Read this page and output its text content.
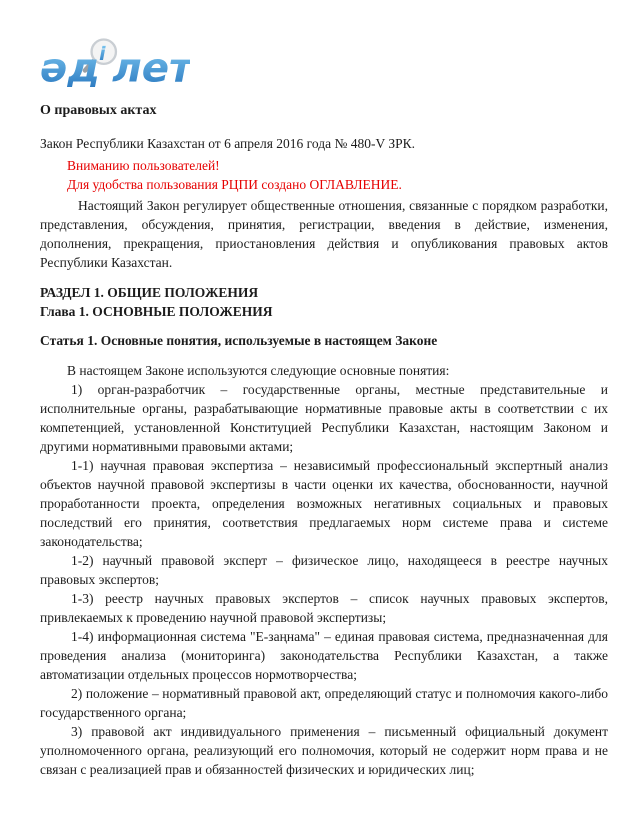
әд і лет
О правовых актах

Закон Республики Казахстан от 6 апреля 2016 года № 480-V ЗРК.

Вниманию пользователей!

Для удобства пользования РЦПИ создано ОГЛАВЛЕНИЕ.

Настоящий Закон регулирует общественные отношения, связанные с порядком разработки, представления, обсуждения, принятия, регистрации, введения в действие, изменения, дополнения, прекращения, приостановления действия и опубликования правовых актов Республики Казахстан.

РАЗДЕЛ 1. ОБЩИЕ ПОЛОЖЕНИЯ

Глава 1. ОСНОВНЫЕ ПОЛОЖЕНИЯ

Статья 1. Основные понятия, используемые в настоящем Законе

В настоящем Законе используются следующие основные понятия:

1) орган-разработчик – государственные органы, местные представительные и исполнительные органы, разрабатывающие нормативные правовые акты в соответствии с их компетенцией, установленной Конституцией Республики Казахстан, настоящим Законом и другими нормативными правовыми актами;

1-1) научная правовая экспертиза – независимый профессиональный экспертный анализ объектов научной правовой экспертизы в части оценки их качества, обоснованности, научной проработанности проекта, определения возможных негативных социальных и правовых последствий его принятия, соответствия предлагаемых норм системе права и системе законодательства;

1-2) научный правовой эксперт – физическое лицо, находящееся в реестре научных правовых экспертов;

1-3) реестр научных правовых экспертов – список научных правовых экспертов, привлекаемых к проведению научной правовой экспертизы;

1-4) информационная система "Е-заңнама" – единая правовая система, предназначенная для проведения анализа (мониторинга) законодательства Республики Казахстан, а также автоматизации отдельных процессов нормотворчества;

2) положение – нормативный правовой акт, определяющий статус и полномочия какого-либо государственного органа;

3) правовой акт индивидуального применения – письменный официальный документ уполномоченного органа, реализующий его полномочия, который не содержит норм права и не связан с реализацией прав и обязанностей физических и юридических лиц;
